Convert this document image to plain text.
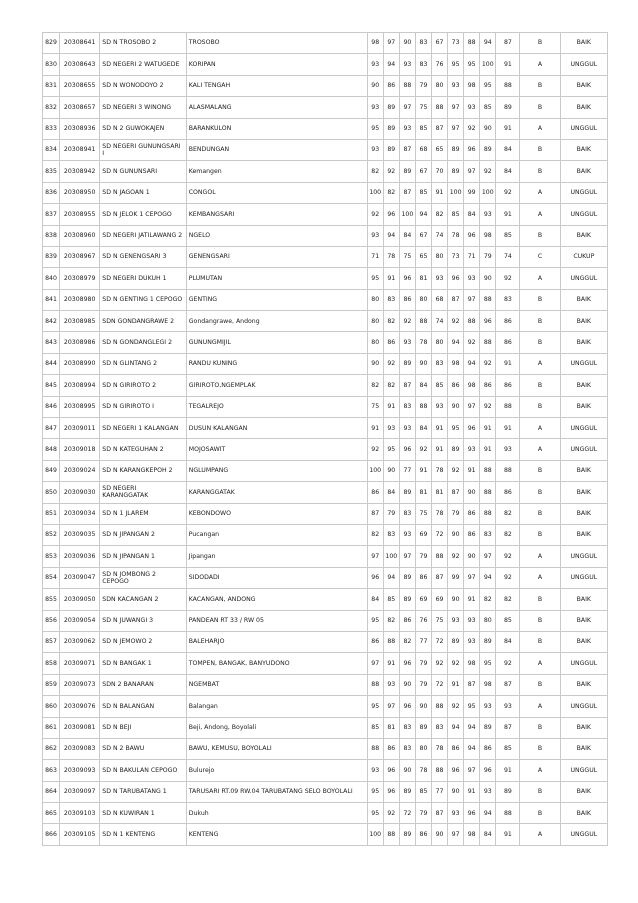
829	20308641	SD N TROSOBO 2	TROSOBO	98	97	90	83	67	73	88	94	87	B	BAIK
830	20308643	SD NEGERI 2 WATUGEDE	KORIPAN	93	94	93	83	76	95	95	100	91	A	UNGGUL
831	20308655	SD N WONODOYO 2	KALI TENGAH	90	86	88	79	80	93	98	95	88	B	BAIK
832	20308657	SD NEGERI 3 WINONG	ALASMALANG	93	89	97	75	88	97	93	85	89	B	BAIK
833	20308936	SD N 2 GUWOKAJEN	BARANKULON	95	89	93	85	87	97	92	90	91	A	UNGGUL
834	20308941	SD NEGERI GUNUNGSARI I	BENDUNGAN	93	89	87	68	65	89	96	89	84	B	BAIK
835	20308942	SD N GUNUNSARI	Kemangen	82	92	89	67	70	89	97	92	84	B	BAIK
836	20308950	SD N JAGOAN 1	CONGOL	100	82	87	85	91	100	99	100	92	A	UNGGUL
837	20308955	SD N JELOK 1 CEPOGO	KEMBANGSARI	92	96	100	94	82	85	84	93	91	A	UNGGUL
838	20308960	SD NEGERI JATILAWANG 2	NGELO	93	94	84	67	74	78	96	98	85	B	BAIK
839	20308967	SD N GENENGSARI 3	GENENGSARI	71	78	75	65	80	73	71	79	74	C	CUKUP
840	20308979	SD NEGERI DUKUH 1	PLUMUTAN	95	91	96	81	93	96	93	90	92	A	UNGGUL
841	20308980	SD N GENTING 1 CEPOGO	GENTING	80	83	86	80	68	87	97	88	83	B	BAIK
842	20308985	SDN GONDANGRAWE 2	Gondangrawe, Andong	80	82	92	88	74	92	88	96	86	B	BAIK
843	20308986	SD N GONDANGLEGI 2	GUNUNGMIJIL	80	86	93	78	80	94	92	88	86	B	BAIK
844	20308990	SD N GLINTANG 2	RANDU KUNING	90	92	89	90	83	98	94	92	91	A	UNGGUL
845	20308994	SD N GIRIROTO 2	GIRIROTO,NGEMPLAK	82	82	87	84	85	86	98	86	86	B	BAIK
846	20308995	SD N GIRIROTO I	TEGALREJO	75	91	83	88	93	90	97	92	88	B	BAIK
847	20309011	SD NEGERI 1 KALANGAN	DUSUN KALANGAN	91	93	93	84	91	95	96	91	91	A	UNGGUL
848	20309018	SD N KATEGUHAN 2	MOJOSAWIT	92	95	96	92	91	89	93	91	93	A	UNGGUL
849	20309024	SD N KARANGKEPOH 2	NGLUMPANG	100	90	77	91	78	92	91	88	88	B	BAIK
850	20309030	SD NEGERI KARANGGATAK	KARANGGATAK	86	84	89	81	81	87	90	88	86	B	BAIK
851	20309034	SD N 1 JLAREM	KEBONDOWO	87	79	83	75	78	79	86	88	82	B	BAIK
852	20309035	SD N JIPANGAN 2	Pucangan	82	83	93	69	72	90	86	83	82	B	BAIK
853	20309036	SD N JIPANGAN 1	Jipangan	97	100	97	79	88	92	90	97	92	A	UNGGUL
854	20309047	SD N JOMBONG 2 CEPOGO	SIDODADI	96	94	89	86	87	99	97	94	92	A	UNGGUL
855	20309050	SDN KACANGAN 2	KACANGAN, ANDONG	84	85	89	69	69	90	91	82	82	B	BAIK
856	20309054	SD N JUWANGI 3	PANDEAN RT 33 / RW 05	95	82	86	76	75	93	93	80	85	B	BAIK
857	20309062	SD N JEMOWO 2	BALEHARJO	86	88	82	77	72	89	93	89	84	B	BAIK
858	20309071	SD N BANGAK 1	TOMPEN, BANGAK, BANYUDONO	97	91	96	79	92	92	98	95	92	A	UNGGUL
859	20309073	SDN 2 BANARAN	NGEMBAT	88	93	90	79	72	91	87	98	87	B	BAIK
860	20309076	SD N BALANGAN	Balangan	95	97	96	90	88	92	95	93	93	A	UNGGUL
861	20309081	SD N BEJI	Beji, Andong, Boyolali	85	81	83	89	83	94	94	89	87	B	BAIK
862	20309083	SD N 2 BAWU	BAWU, KEMUSU, BOYOLALI	88	86	83	80	78	86	94	86	85	B	BAIK
863	20309093	SD N BAKULAN CEPOGO	Bulurejo	93	96	90	78	88	96	97	96	91	A	UNGGUL
864	20309097	SD N TARUBATANG 1	TARUSARI RT.09 RW.04 TARUBATANG SELO BOYOLALI	95	96	89	85	77	90	91	93	89	B	BAIK
865	20309103	SD N KUWIRAN 1	Dukuh	95	92	72	79	87	93	96	94	88	B	BAIK
866	20309105	SD N 1 KENTENG	KENTENG	100	88	89	86	90	97	98	84	91	A	UNGGUL
